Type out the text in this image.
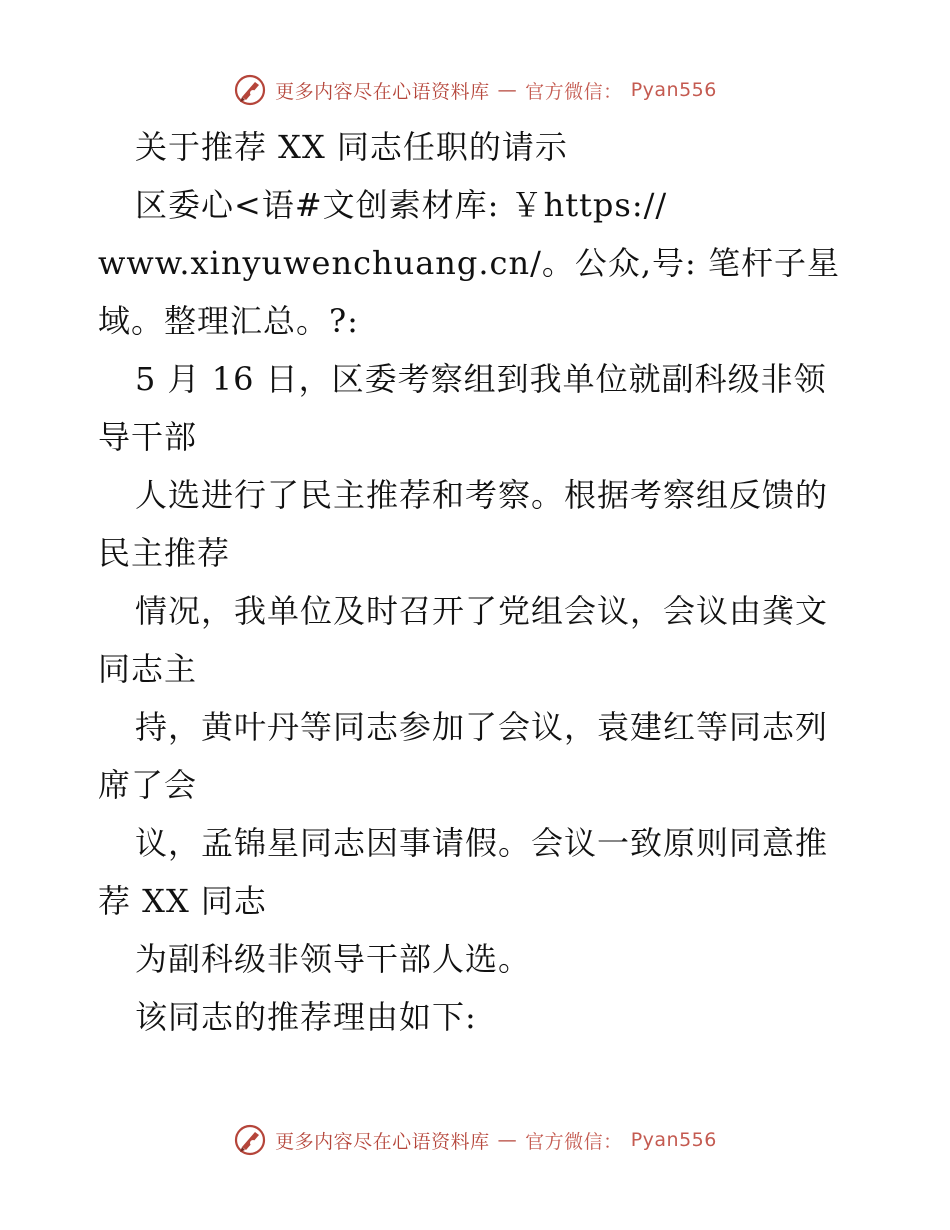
更多内容尽在心语资料库 — 官方微信： Pyan556
关于推荐 XX 同志任职的请示
区委心<语#文创素材库: ￥https://
www.xinyuwenchuang.cn/。公众,号: 笔杆子星
域。整理汇总。?:
5 月 16 日，区委考察组到我单位就副科级非领
导干部
人选进行了民主推荐和考察。根据考察组反馈的
民主推荐
情况，我单位及时召开了党组会议，会议由龚文
同志主
持，黄叶丹等同志参加了会议，袁建红等同志列
席了会
议，孟锦星同志因事请假。会议一致原则同意推
荐 XX 同志
为副科级非领导干部人选。
该同志的推荐理由如下:
更多内容尽在心语资料库 — 官方微信： Pyan556
